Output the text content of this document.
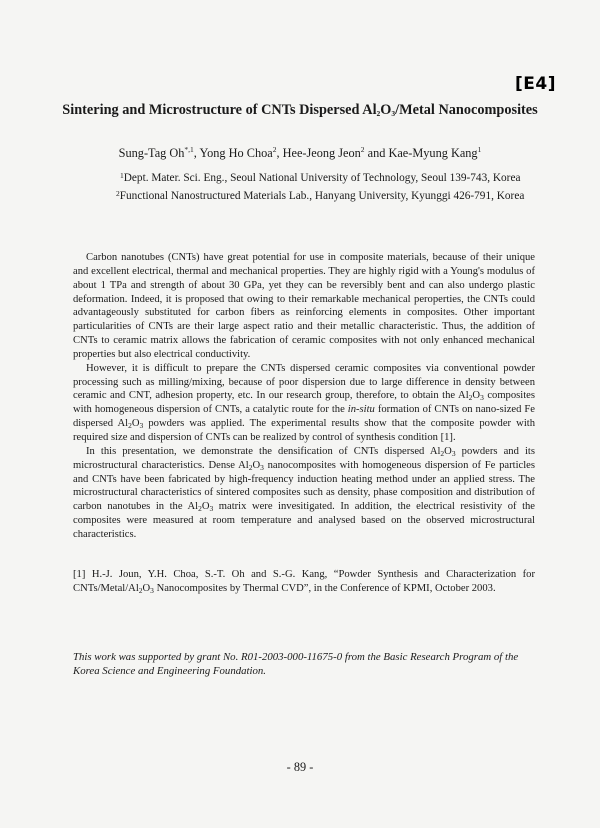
[E4]
Sintering and Microstructure of CNTs Dispersed $Al_2O_3$/Metal Nanocomposites
Sung-Tag $Oh^{*,1}$, Yong Ho Choa$^2$, Hee-Jeong Jeon$^2$ and Kae-Myung Kang$^1$
$^1$Dept. Mater. Sci. Eng., Seoul National University of Technology, Seoul 139-743, Korea
$^2$Functional Nanostructured Materials Lab., Hanyang University, Kyunggi 426-791, Korea

Carbon nanotubes (CNTs) have great potential for use in composite materials, because of their unique and excellent electrical, thermal and mechanical properties. They are highly rigid with a Young's modulus of about 1 TPa and strength of about 30 GPa, yet they can be reversibly bent and can also undergo plastic deformation. Indeed, it is proposed that owing to their remarkable mechanical peroperties, the CNTs could advantageously substituted for carbon fibers as reinforcing elements in composites. Other important particularities of CNTs are their large aspect ratio and their metallic characteristic. Thus, the addition of CNTs to ceramic matrix allows the fabrication of ceramic composites with not only enhanced mechanical properties but also electrical conductivity.

However, it is difficult to prepare the CNTs dispersed ceramic composites via conventional powder processing such as milling/mixing, because of poor dispersion due to large difference in density between ceramic and CNT, adhesion property, etc. In our research group, therefore, to obtain the $Al_2O_3$ composites with homogeneous dispersion of CNTs, a catalytic route for the in-situ formation of CNTs on nano-sized Fe dispersed $Al_2O_3$ powders was applied. The experimental results show that the composite powder with required size and dispersion of CNTs can be realized by control of synthesis condition [1].

In this presentation, we demonstrate the densification of CNTs dispersed $Al_2O_3$ powders and its microstructural characteristics. Dense $Al_2O_3$ nanocomposites with homogeneous dispersion of Fe particles and CNTs have been fabricated by high-frequency induction heating method under an applied stress. The microstructural characteristics of sintered composites such as density, phase composition and distribution of carbon nanotubes in the $Al_2O_3$ matrix were invesitigated. In addition, the electrical resistivity of the composites were measured at room temperature and analysed based on the observed microstructural characteristics.

[1] H.-J. Joun, Y.H. Choa, S.-T. Oh and S.-G. Kang, “Powder Synthesis and Characterization for CNTs/$Metal/Al_2O_3$ Nanocomposites by Thermal CVD”, in the Conference of KPMI, October 2003.
This work was supported by grant No. R01-2003-000-11675-0 from the Basic Research Program of the Korea Science and Engineering Foundation.
- 89 -
